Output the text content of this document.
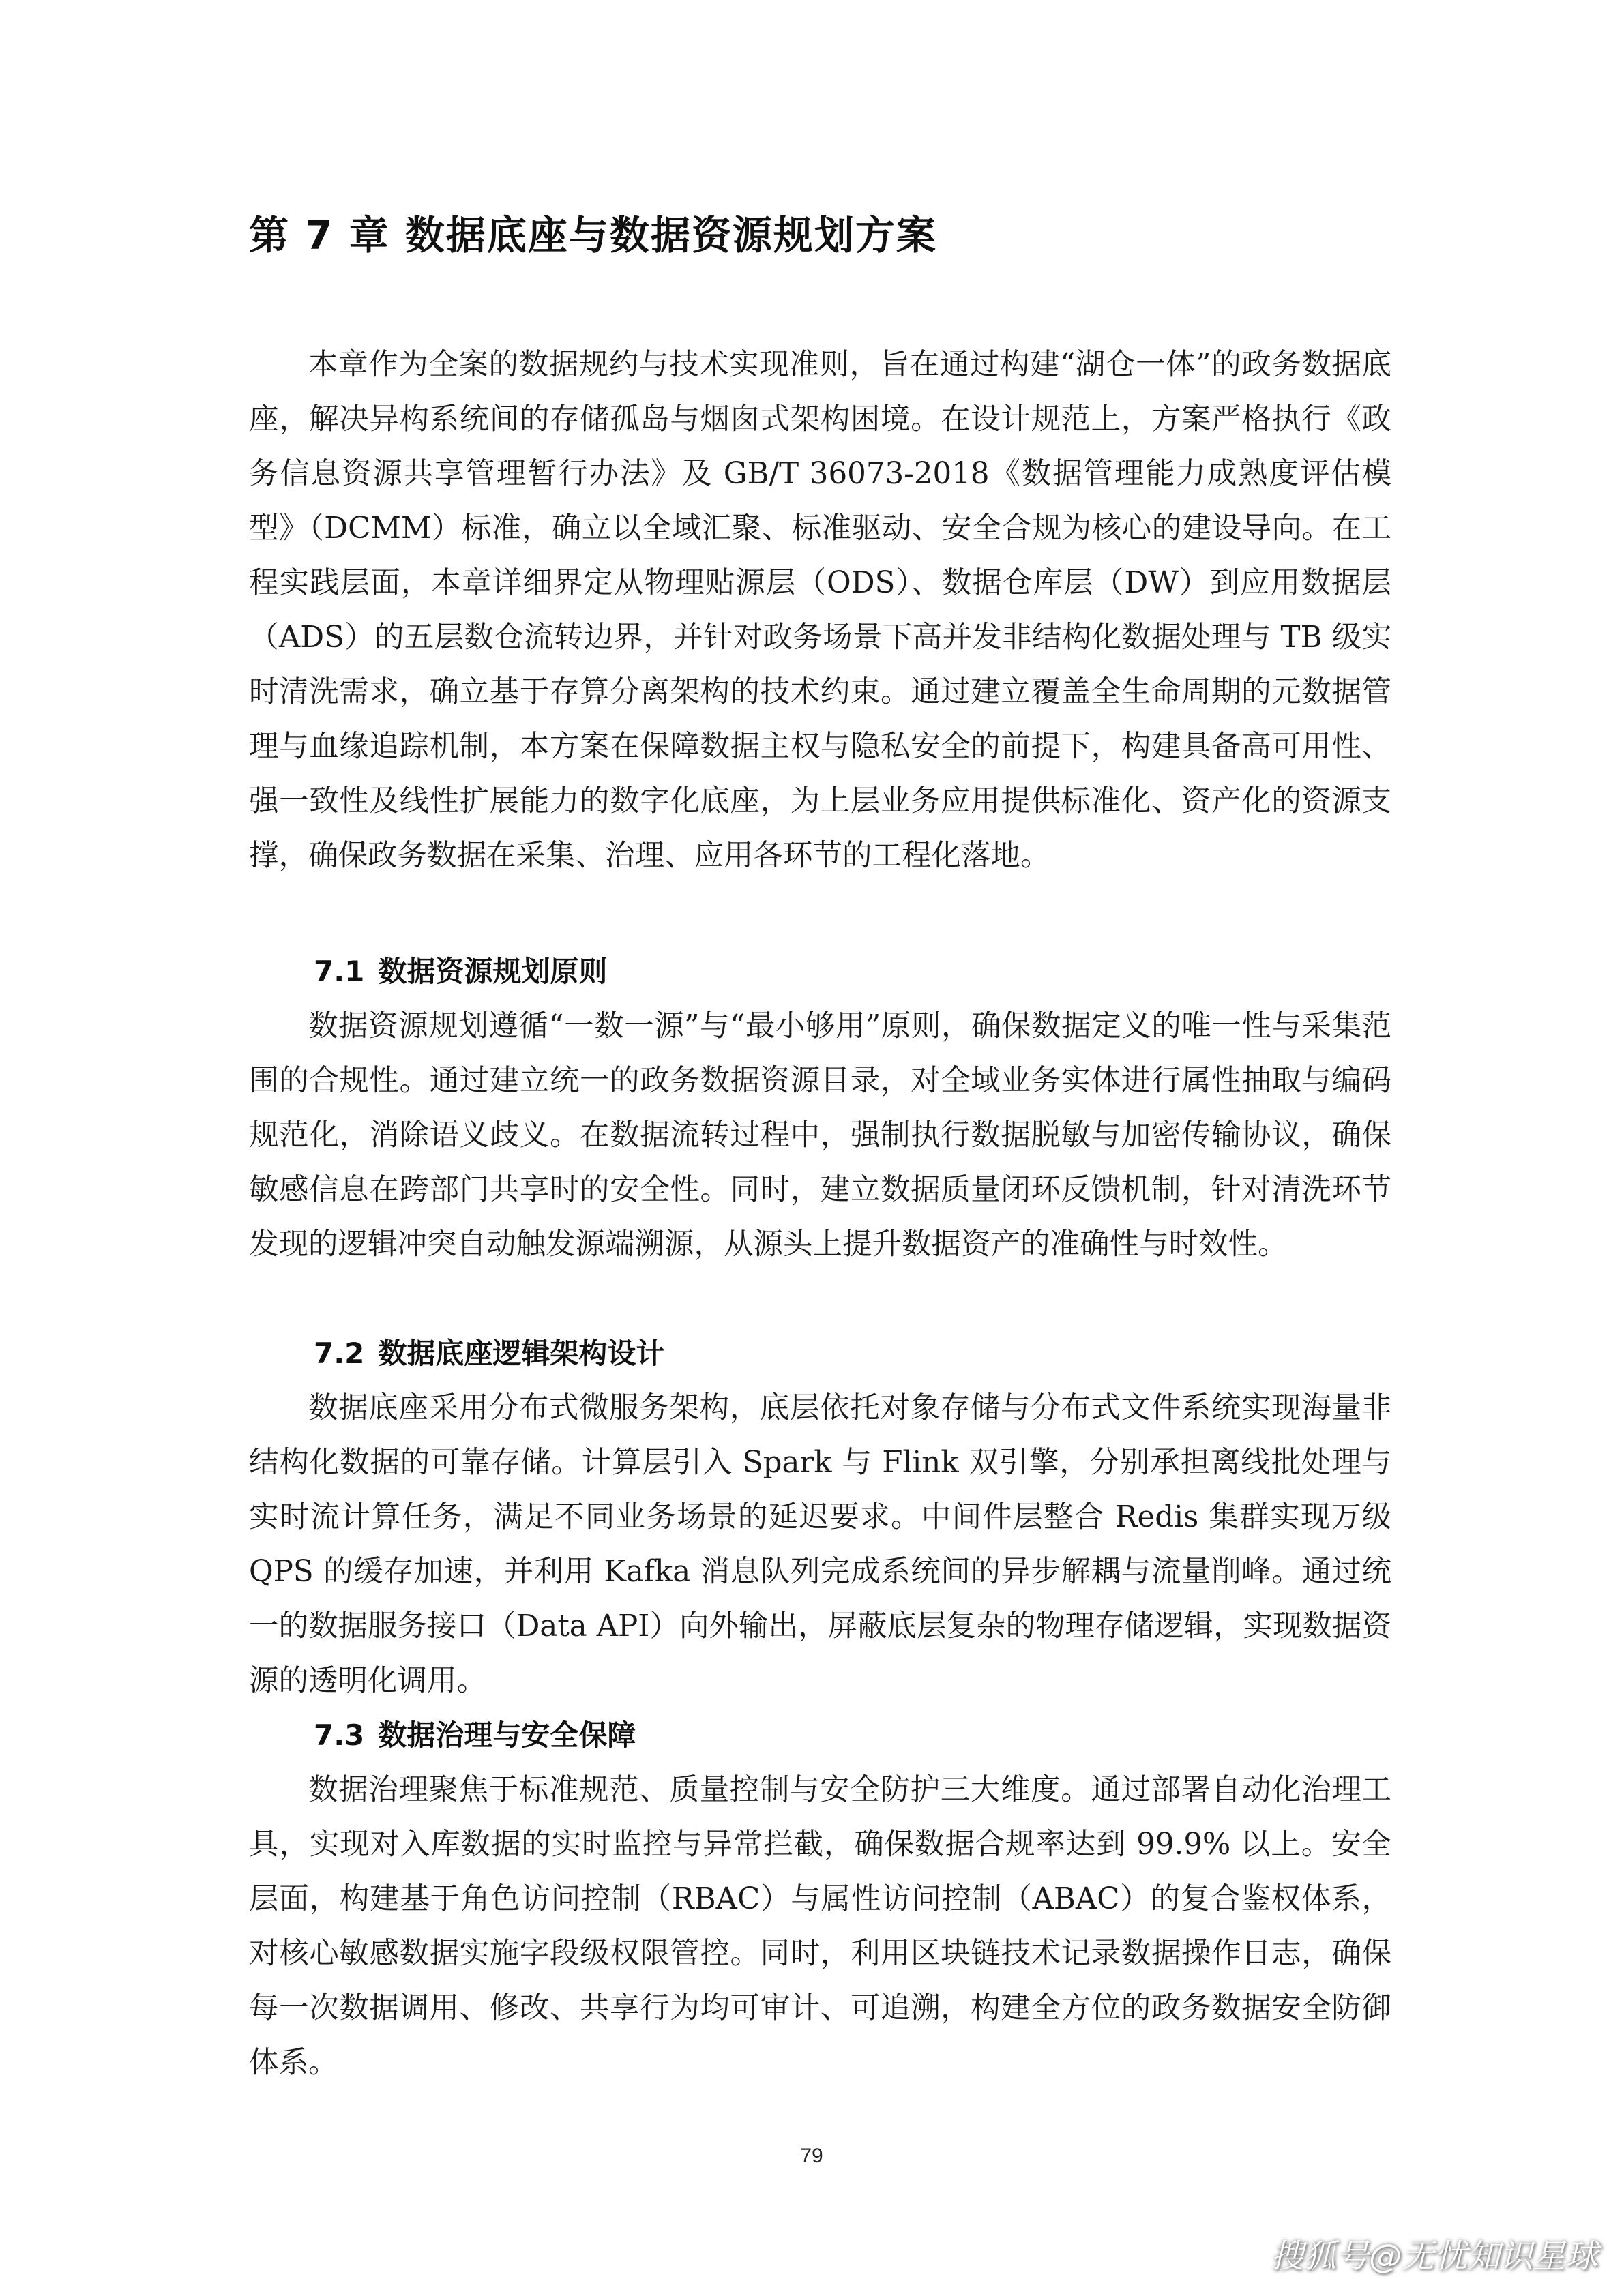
第 7 章 数据底座与数据资源规划方案

本章作为全案的数据规约与技术实现准则，旨在通过构建“湖仓一体”的政务数据底座，解决异构系统间的存储孤岛与烟囱式架构困境。在设计规范上，方案严格执行《政务信息资源共享管理暂行办法》及 GB/T 36073-2018《数据管理能力成熟度评估模型》（DCMM）标准，确立以全域汇聚、标准驱动、安全合规为核心的建设导向。在工程实践层面，本章详细界定从物理贴源层（ODS）、数据仓库层（DW）到应用数据层（ADS）的五层数仓流转边界，并针对政务场景下高并发非结构化数据处理与 TB 级实时清洗需求，确立基于存算分离架构的技术约束。通过建立覆盖全生命周期的元数据管理与血缘追踪机制，本方案在保障数据主权与隐私安全的前提下，构建具备高可用性、强一致性及线性扩展能力的数字化底座，为上层业务应用提供标准化、资产化的资源支撑，确保政务数据在采集、治理、应用各环节的工程化落地。

7.1 数据资源规划原则

数据资源规划遵循“一数一源”与“最小够用”原则，确保数据定义的唯一性与采集范围的合规性。通过建立统一的政务数据资源目录，对全域业务实体进行属性抽取与编码规范化，消除语义歧义。在数据流转过程中，强制执行数据脱敏与加密传输协议，确保敏感信息在跨部门共享时的安全性。同时，建立数据质量闭环反馈机制，针对清洗环节发现的逻辑冲突自动触发源端溯源，从源头上提升数据资产的准确性与时效性。

7.2 数据底座逻辑架构设计

数据底座采用分布式微服务架构，底层依托对象存储与分布式文件系统实现海量非结构化数据的可靠存储。计算层引入 Spark 与 Flink 双引擎，分别承担离线批处理与实时流计算任务，满足不同业务场景的延迟要求。中间件层整合 Redis 集群实现万级 QPS 的缓存加速，并利用 Kafka 消息队列完成系统间的异步解耦与流量削峰。通过统一的数据服务接口（Data API）向外输出，屏蔽底层复杂的物理存储逻辑，实现数据资源的透明化调用。

7.3 数据治理与安全保障

数据治理聚焦于标准规范、质量控制与安全防护三大维度。通过部署自动化治理工具，实现对入库数据的实时监控与异常拦截，确保数据合规率达到 99.9% 以上。安全层面，构建基于角色访问控制（RBAC）与属性访问控制（ABAC）的复合鉴权体系，对核心敏感数据实施字段级权限管控。同时，利用区块链技术记录数据操作日志，确保每一次数据调用、修改、共享行为均可审计、可追溯，构建全方位的政务数据安全防御体系。

79
搜狐号@无忧知识星球
